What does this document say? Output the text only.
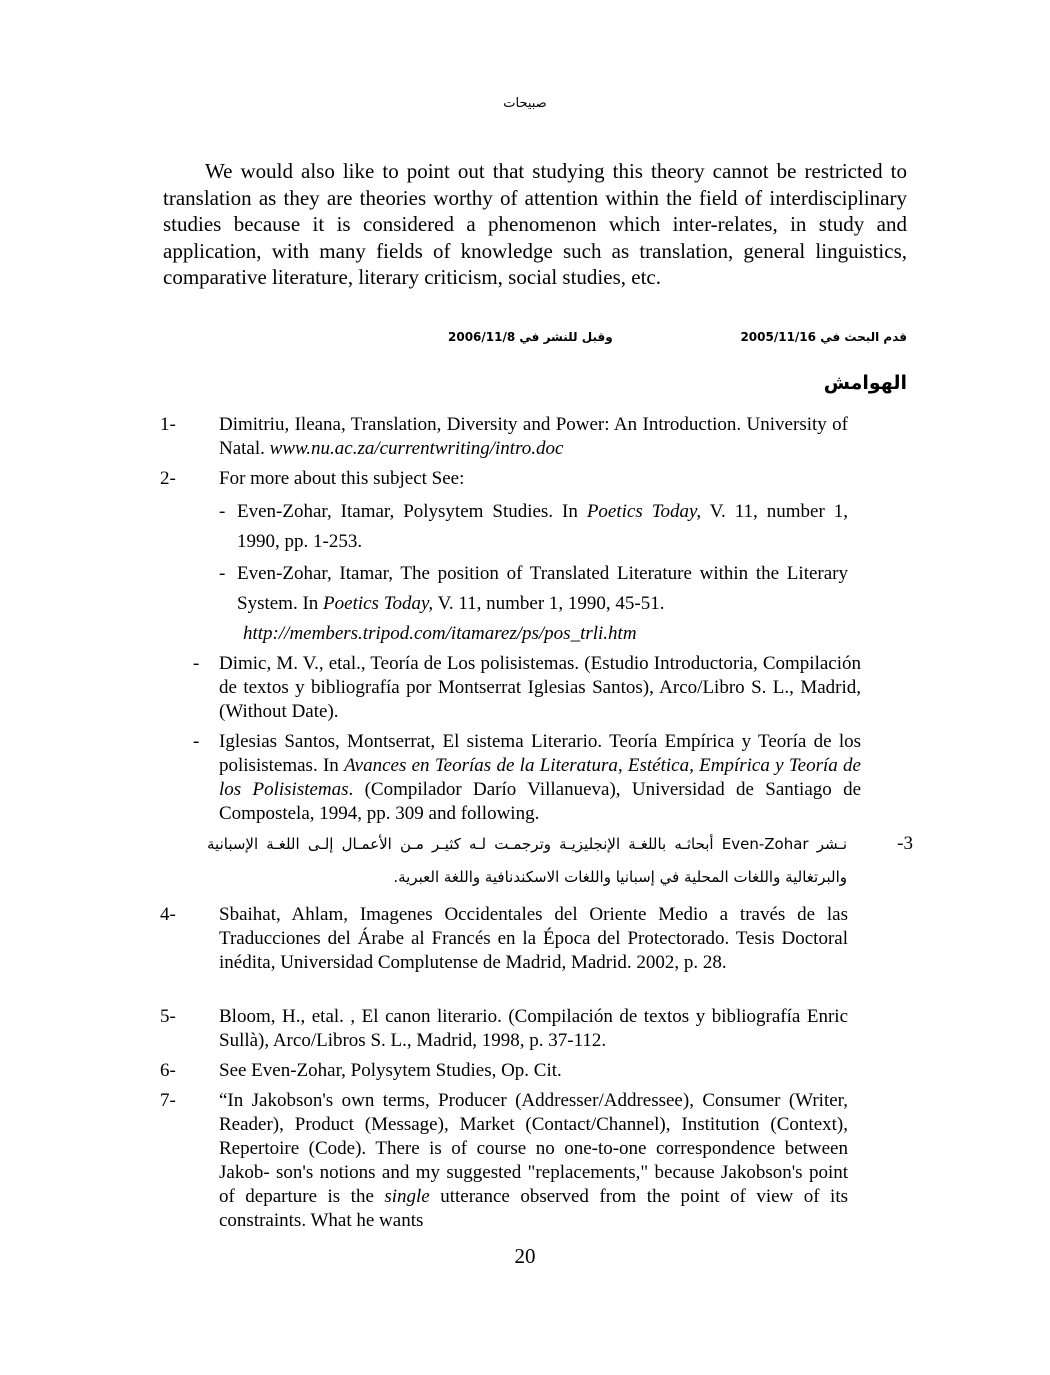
صبيحات
We would also like to point out that studying this theory cannot be restricted to translation as they are theories worthy of attention within the field of interdisciplinary studies because it is considered a phenomenon which inter-relates, in study and application, with many fields of knowledge such as translation, general linguistics, comparative literature, literary criticism, social studies, etc.
قدم البحث في 2005/11/16
وقبل للنشر في 2006/11/8
الهوامش
1- Dimitriu, Ileana, Translation, Diversity and Power: An Introduction. University of Natal. www.nu.ac.za/currentwriting/intro.doc
2- For more about this subject See:
- Even-Zohar, Itamar, Polysytem Studies. In Poetics Today, V. 11, number 1, 1990, pp. 1-253.
- Even-Zohar, Itamar, The position of Translated Literature within the Literary System. In Poetics Today, V. 11, number 1, 1990, 45-51.
http://members.tripod.com/itamarez/ps/pos_trli.htm
- Dimic, M. V., etal., Teoría de Los polisistemas. (Estudio Introductoria, Compilación de textos y bibliografía por Montserrat Iglesias Santos), Arco/Libro S. L., Madrid, (Without Date).
- Iglesias Santos, Montserrat, El sistema Literario. Teoría Empírica y Teoría de los polisistemas. In Avances en Teorías de la Literatura, Estética, Empírica y Teoría de los Polisistemas. (Compilador Darío Villanueva), Universidad de Santiago de Compostela, 1994, pp. 309 and following.
-3
نـشر Even-Zohar أبحاثـه باللغـة الإنجليزيـة وترجمـت لـه كثيـر مـن الأعمـال إلـى اللغـة الإسبانية والبرتغالية واللغات المحلية في إسبانيا واللغات الاسكندنافية واللغة العبرية.
4- Sbaihat, Ahlam, Imagenes Occidentales del Oriente Medio a través de las Traducciones del Árabe al Francés en la Época del Protectorado. Tesis Doctoral inédita, Universidad Complutense de Madrid, Madrid. 2002, p. 28.
5- Bloom, H., etal. , El canon literario. (Compilación de textos y bibliografía Enric Sullà), Arco/Libros S. L., Madrid, 1998, p. 37-112.
6- See Even-Zohar, Polysytem Studies, Op. Cit.
7- “In Jakobson's own terms, Producer (Addresser/Addressee), Consumer (Writer, Reader), Product (Message), Market (Contact/Channel), Institution (Context), Repertoire (Code). There is of course no one-to-one correspondence between Jakob- son's notions and my suggested "replacements," because Jakobson's point of departure is the single utterance observed from the point of view of its constraints. What he wants
20
